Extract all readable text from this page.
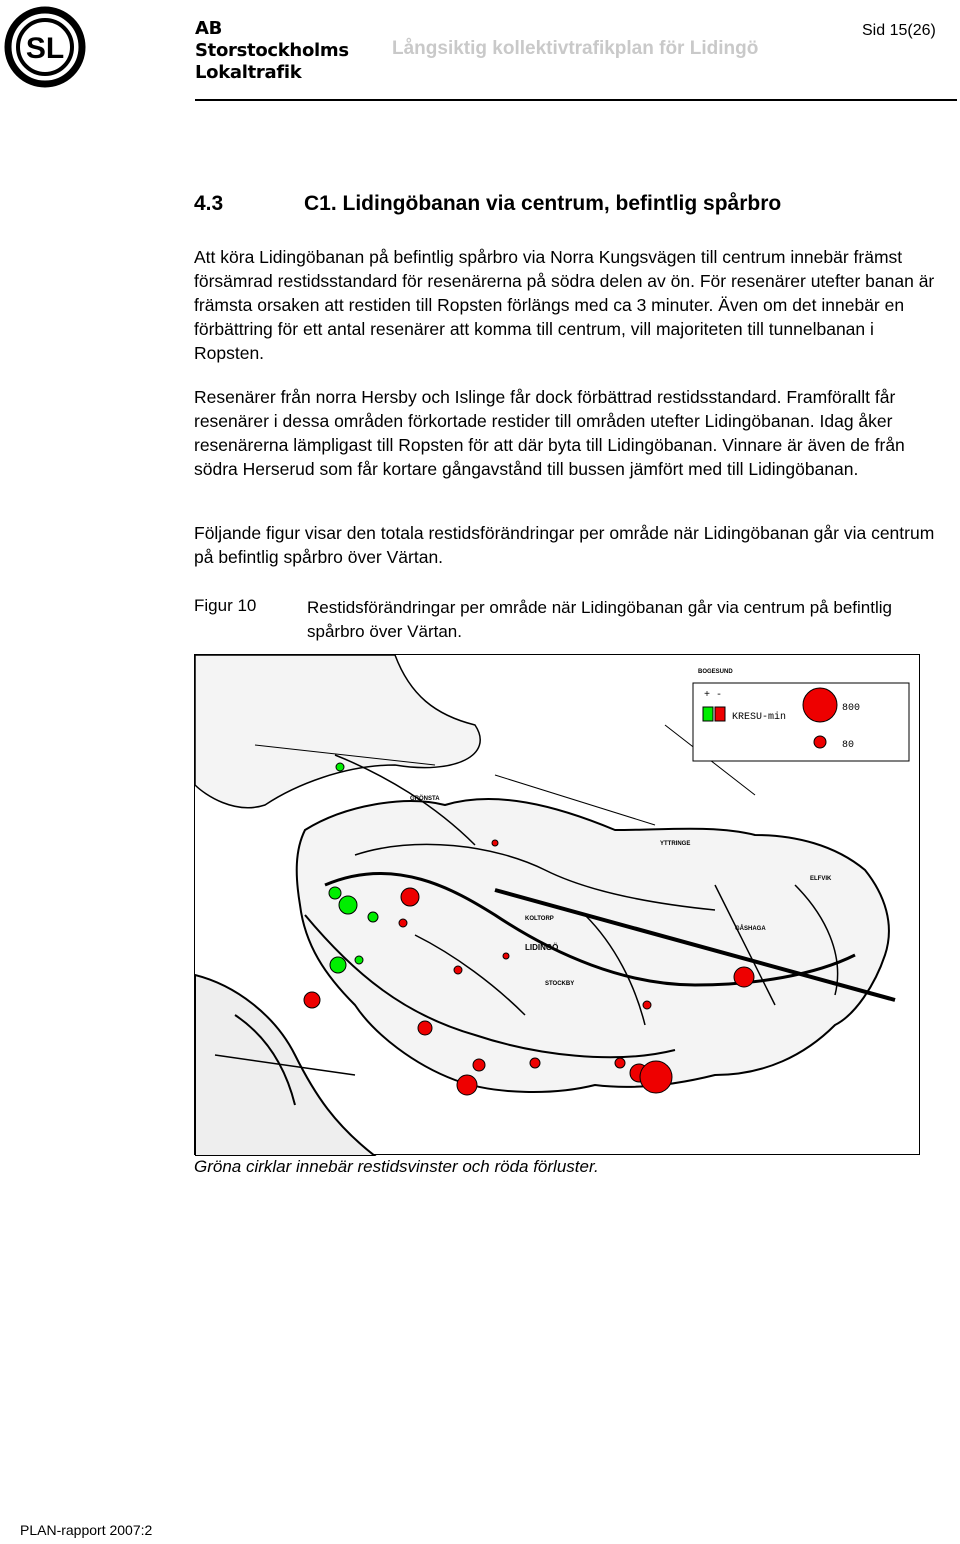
SL
AB
Storstockholms
Lokaltrafik
Långsiktig kollektivtrafikplan för Lidingö
Sid 15(26)
4.3	C1. Lidingöbanan via centrum, befintlig spårbro

Att köra Lidingöbanan på befintlig spårbro via Norra Kungsvägen till centrum innebär främst försämrad restidsstandard för resenärerna på södra delen av ön. För resenärer utefter banan är främsta orsaken att restiden till Ropsten förlängs med ca 3 minuter. Även om det innebär en förbättring för ett antal resenärer att komma till centrum, vill majoriteten till tunnelbanan i Ropsten.

Resenärer från norra Hersby och Islinge får dock förbättrad restidsstandard. Framförallt får resenärer i dessa områden förkortade restider till områden utefter Lidingöbanan. Idag åker resenärerna lämpligast till Ropsten för att där byta till Lidingöbanan. Vinnare är även de från södra Herserud som får kortare gångavstånd till bussen jämfört med till Lidingöbanan.

Följande figur visar den totala restidsförändringar per område när Lidingöbanan går via centrum på befintlig spårbro över Värtan.

Figur 10	Restidsförändringar per område när Lidingöbanan går via centrum på befintlig spårbro över Värtan.
BOGESUND
LIDINGÖ
GRÖNSTA
YTTRINGE
GÅSHAGA
ELFVIK
KOLTORP
STOCKBY
+ -
KRESU-min
800
80
Gröna cirklar innebär restidsvinster och röda förluster.
PLAN-rapport 2007:2
